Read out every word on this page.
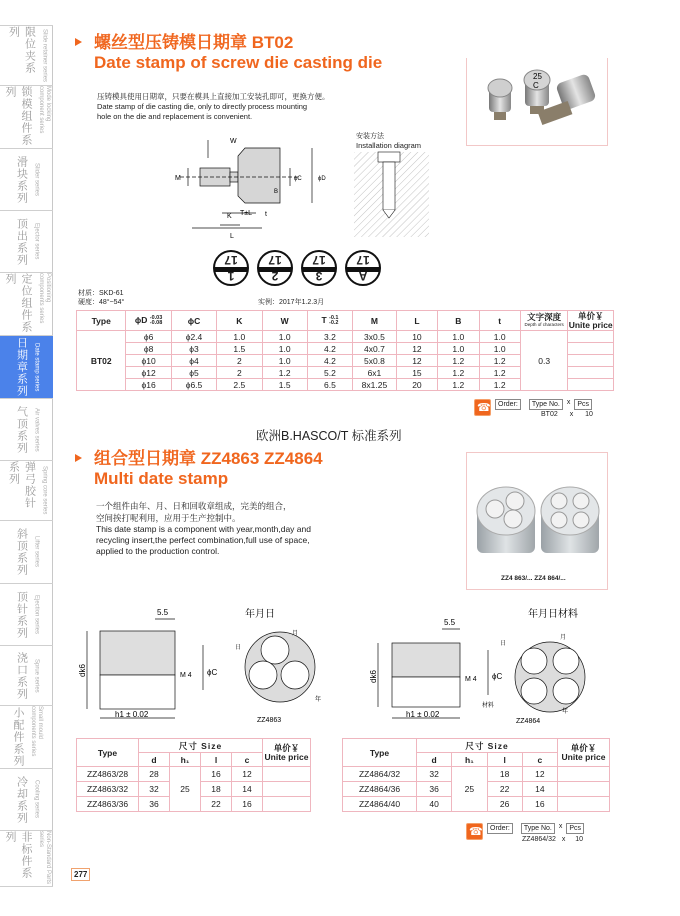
限位夹系列	Slide retainer series
锁模组件系列	Mode locking component series
滑块系列	Slider series
顶出系列	Ejector series
定位组件系列	Positioning components series
日期章系列	Date stamp series
气顶系列	Air valves series
弹弓胶针系列	Spring core series
斜顶系列	Lifter series
顶针系列	Ejection series
浇口系列	Sprue series
小配件系列	Small mould components series
冷却系列	Cooling series
非标件系列	Non-Standard Parts series
螺丝型压铸模日期章 BT02
Date stamp of screw die casting die
压铸模具使用日期章，只要在模具上直接加工安装孔即可，更换方便。
Date stamp of die casting die, only to directly process mounting
hole on the die and replacement is convenient.
25
C
W
M
K T±L
L
B
t
ϕC	ϕD
安装方法
Installation diagram
17
1
17
2
17
3
17
A
材质：SKD-61
硬度：48°~54°	实例：2017年1.2.3月
Type	ϕD -0.03
-0.08	ϕC	K	W	T -0.1
-0.2	M	L	B	t	文字深度
Depth of characters

单价￥
Unite price

BT02	ϕ6	ϕ2.4	1.0	1.0	3.2	3x0.5	10	1.0	1.0	0.3	
	ϕ8	ϕ3	1.5	1.0	4.2	4x0.7	12	1.0	1.0		
	ϕ10	ϕ4	2	1.0	4.2	5x0.8	12	1.2	1.2		
	ϕ12	ϕ5	2	1.2	5.2	6x1	15	1.2	1.2		
	ϕ16	ϕ6.5	2.5	1.5	6.5	8x1.25	20	1.2	1.2		
☎
Order:	Type No.	x	Pcs
BT02 x 10
欧洲B.HASCO/T 标准系列
组合型日期章 ZZ4863 ZZ4864
Multi date stamp
一个组件由年、月、日和回收章组成，完美的组合，
空间挨打呢利用，应用于生产控制中。
This date stamp is a component with year,month,day and
recycling insert,the perfect combination,full use of space,
applied to the production control.
ZZ4 863/... ZZ4 864/...
5.5	年月日
dk6	M 4 ϕC
h1 ± 0.02
日
月
年
ZZ4863
5.5
年月日材料
dk6	M 4 ϕC
h1 ± 0.02
日
月
年
材料
ZZ4864
Type	尺寸 Size				单价￥
Unite price

	d	h₁	l	c	
ZZ4863/28	28	25	16	12	
ZZ4863/32	32		18	14	
ZZ4863/36	36		22	16	
Type	尺寸 Size				单价￥
Unite price

	d	h₁	l	c	
ZZ4864/32	32	25	18	12	
ZZ4864/36	36		22	14	
ZZ4864/40	40		26	16	
☎
Order:	Type No.	x	Pcs
ZZ4864/32 x 10
277
